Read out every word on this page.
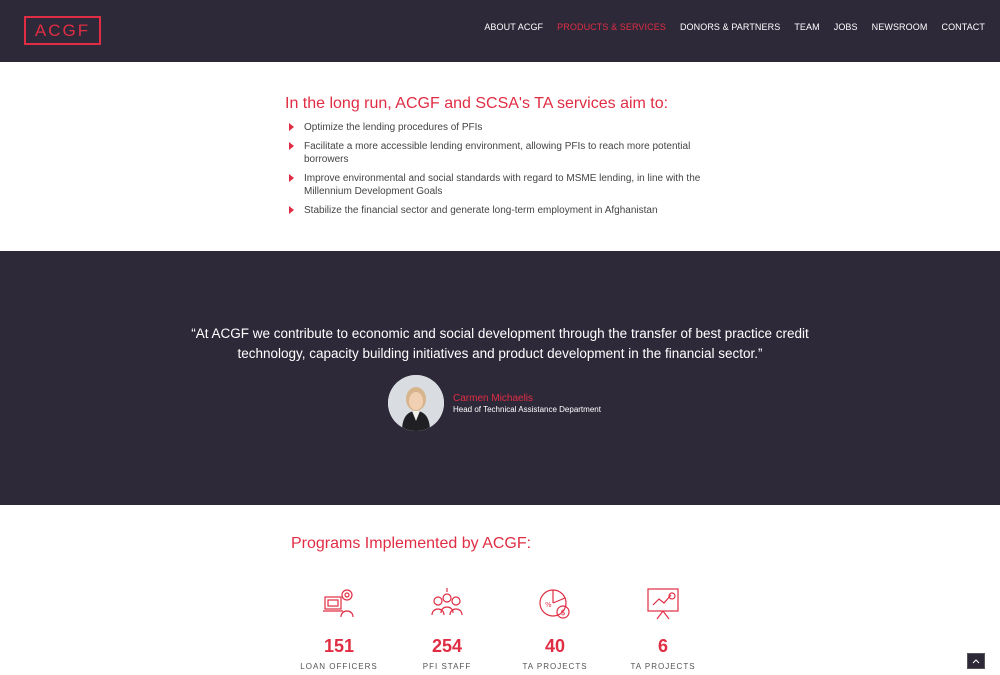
ACGF	ABOUT ACGF PRODUCTS & SERVICES DONORS & PARTNERS TEAM JOBS NEWSROOM CONTACT
In the long run, ACGF and SCSA's TA services aim to:
Optimize the lending procedures of PFIs
Facilitate a more accessible lending environment, allowing PFIs to reach more potential borrowers
Improve environmental and social standards with regard to MSME lending, in line with the Millennium Development Goals
Stabilize the financial sector and generate long-term employment in Afghanistan

“At ACGF we contribute to economic and social development through the transfer of best practice credit technology, capacity building initiatives and product development in the financial sector.”

Carmen Michaelis
Head of Technical Assistance Department
Programs Implemented by ACGF:
151
LOAN OFFICERS
254
PFI STAFF
$
%
40
TA PROJECTS
6
TA PROJECTS
